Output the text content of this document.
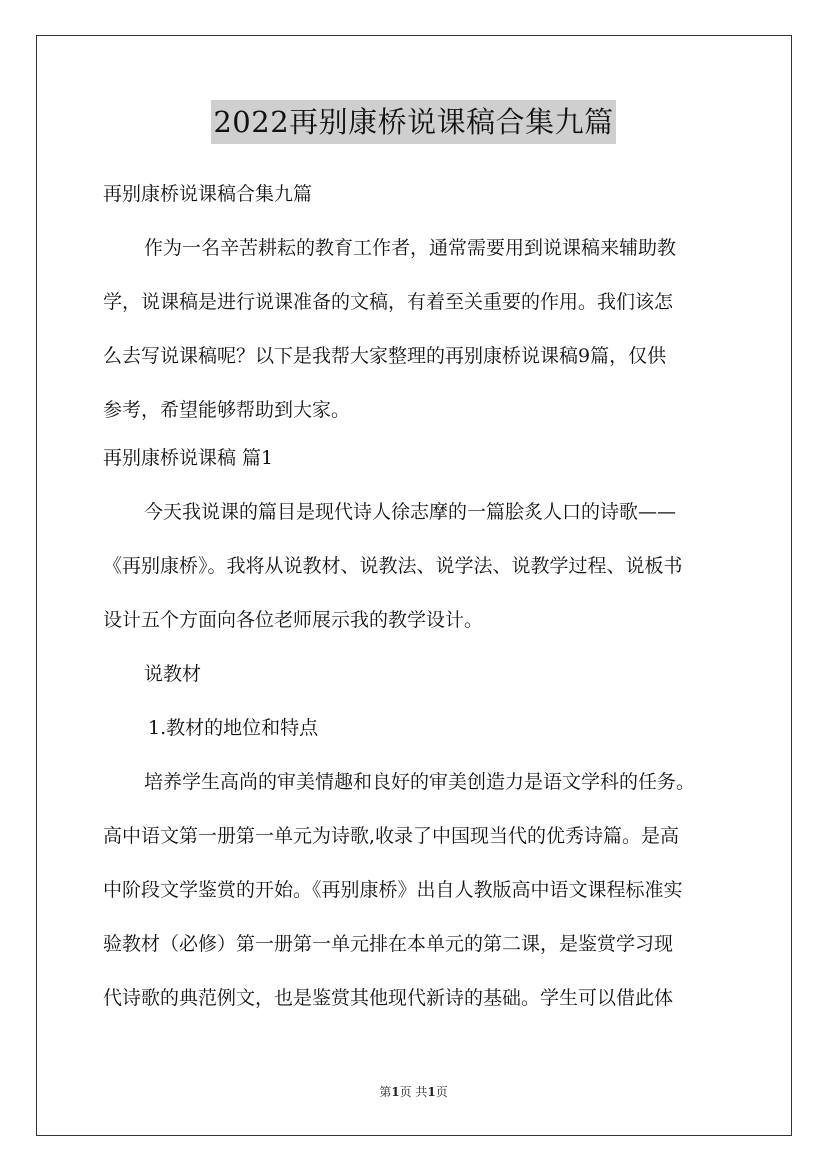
2022再别康桥说课稿合集九篇
再别康桥说课稿合集九篇
作为一名辛苦耕耘的教育工作者，通常需要用到说课稿来辅助教
学，说课稿是进行说课准备的文稿，有着至关重要的作用。我们该怎
么去写说课稿呢？以下是我帮大家整理的再别康桥说课稿9篇，仅供
参考，希望能够帮助到大家。
再别康桥说课稿 篇1
今天我说课的篇目是现代诗人徐志摩的一篇脍炙人口的诗歌——
《再别康桥》。我将从说教材、说教法、说学法、说教学过程、说板书
设计五个方面向各位老师展示我的教学设计。
说教材
1.教材的地位和特点
培养学生高尚的审美情趣和良好的审美创造力是语文学科的任务。
高中语文第一册第一单元为诗歌,收录了中国现当代的优秀诗篇。是高
中阶段文学鉴赏的开始。《再别康桥》出自人教版高中语文课程标准实
验教材（必修）第一册第一单元排在本单元的第二课，是鉴赏学习现
代诗歌的典范例文，也是鉴赏其他现代新诗的基础。学生可以借此体
第1页 共1页
